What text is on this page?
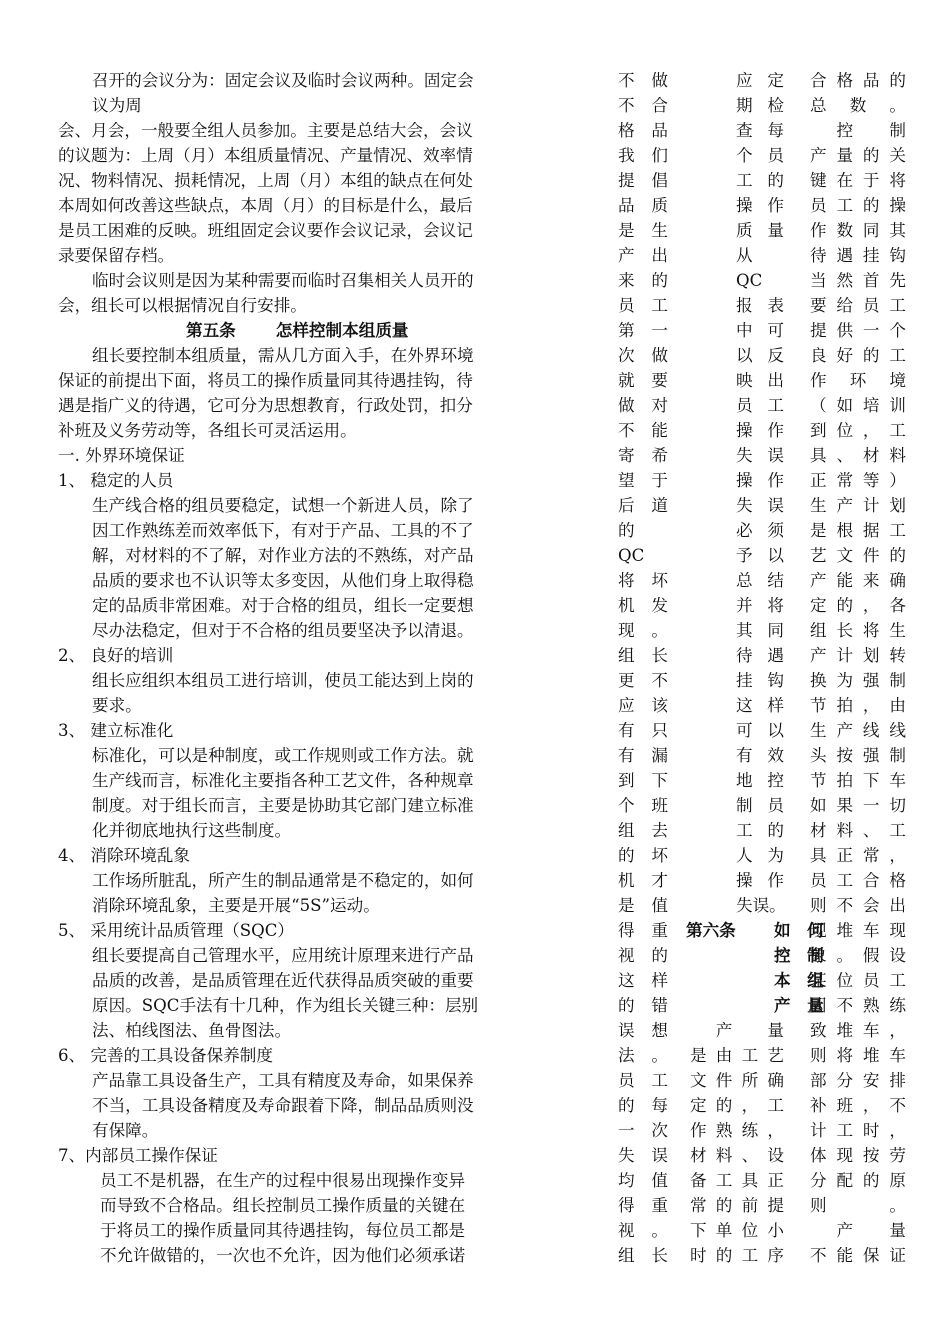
召开的会议分为：固定会议及临时会议两种。固定会
议为周
会、月会，一般要全组人员参加。主要是总结大会，会议
的议题为：上周（月）本组质量情况、产量情况、效率情
况、物料情况、损耗情况，上周（月）本组的缺点在何处
本周如何改善这些缺点，本周（月）的目标是什么，最后
是员工困难的反映。班组固定会议要作会议记录，会议记
录要保留存档。
临时会议则是因为某种需要而临时召集相关人员开的
会，组长可以根据情况自行安排。
第五条 怎样控制本组质量
组长要控制本组质量，需从几方面入手，在外界环境
保证的前提出下面，将员工的操作质量同其待遇挂钩，待
遇是指广义的待遇，它可分为思想教育，行政处罚，扣分
补班及义务劳动等，各组长可灵活运用。
一. 外界环境保证
1、 稳定的人员
生产线合格的组员要稳定，试想一个新进人员，除了
因工作熟练差而效率低下，有对于产品、工具的不了
解，对材料的不了解，对作业方法的不熟练，对产品
品质的要求也不认识等太多变因，从他们身上取得稳
定的品质非常困难。对于合格的组员，组长一定要想
尽办法稳定，但对于不合格的组员要坚决予以清退。
2、 良好的培训
组长应组织本组员工进行培训，使员工能达到上岗的
要求。
3、 建立标准化
标准化，可以是种制度，或工作规则或工作方法。就
生产线而言，标准化主要指各种工艺文件，各种规章
制度。对于组长而言，主要是协助其它部门建立标准
化并彻底地执行这些制度。
4、 消除环境乱象
工作场所脏乱，所产生的制品通常是不稳定的，如何
消除环境乱象，主要是开展“5S”运动。
5、 采用统计品质管理（SQC）
组长要提高自己管理水平，应用统计原理来进行产品
品质的改善，是品质管理在近代获得品质突破的重要
原因。SQC手法有十几种，作为组长关键三种：层别
法、柏线图法、鱼骨图法。
6、 完善的工具设备保养制度
产品靠工具设备生产，工具有精度及寿命，如果保养
不当，工具设备精度及寿命跟着下降，制品品质则没
有保障。
7、内部员工操作保证
员工不是机器，在生产的过程中很易出现操作变异
而导致不合格品。组长控制员工操作质量的关键在
于将员工的操作质量同其待遇挂钩，每位员工都是
不允许做错的，一次也不允许，因为他们必须承诺
不做
不合
格品
我们
提倡
品质
是生
产出
来的
员工
第一
次做
就要
做对
不能
寄希
望于
后道
的
QC
将坏
机发
现。
组长
更不
应该
有只
有漏
到下
个班
组去
的坏
机才
是值
得重
视的
这样
的错
误想
法。
员工
的每
一次
失误
均值
得重
视。
组长
应定
期检
查每
个员
工的
操作
质量
从
QC
报表
中可
以反
映出
员工
操作
失误
操作
失误
必须
予以
总结
并将
其同
待遇
挂钩
这样
可以
有效
地控
制员
工的
人为
操作
失误。
合格品的
总数。
　控　制
产量的关
键在于将
员工的操
作数同其
待遇挂钩
当然首先
要给员工
提供一个
良好的工
作　环　境
（如培训
到位，工
具、材料
正常等）
生产计划
是根据工
艺文件的
产能来确
定的，各
组长将生
产计划转
换为强制
节拍，由
生产线线
头按强制
节拍下车
如果一切
材料、工
具正常，
员工合格
则不会出
现堆车现
象。假设
某位员工
因不熟练
致堆车，
则将堆车
部分安排
补班，不
计工时，
体现按劳
分配的原
则。
　产　量
不能保证
第六条 如　何
控　制
本　组
产　量
　产　量
是由工艺
文件所确
定的，工
作熟练，
材料、设
备工具正
常的前提
下单位小
时的工序
